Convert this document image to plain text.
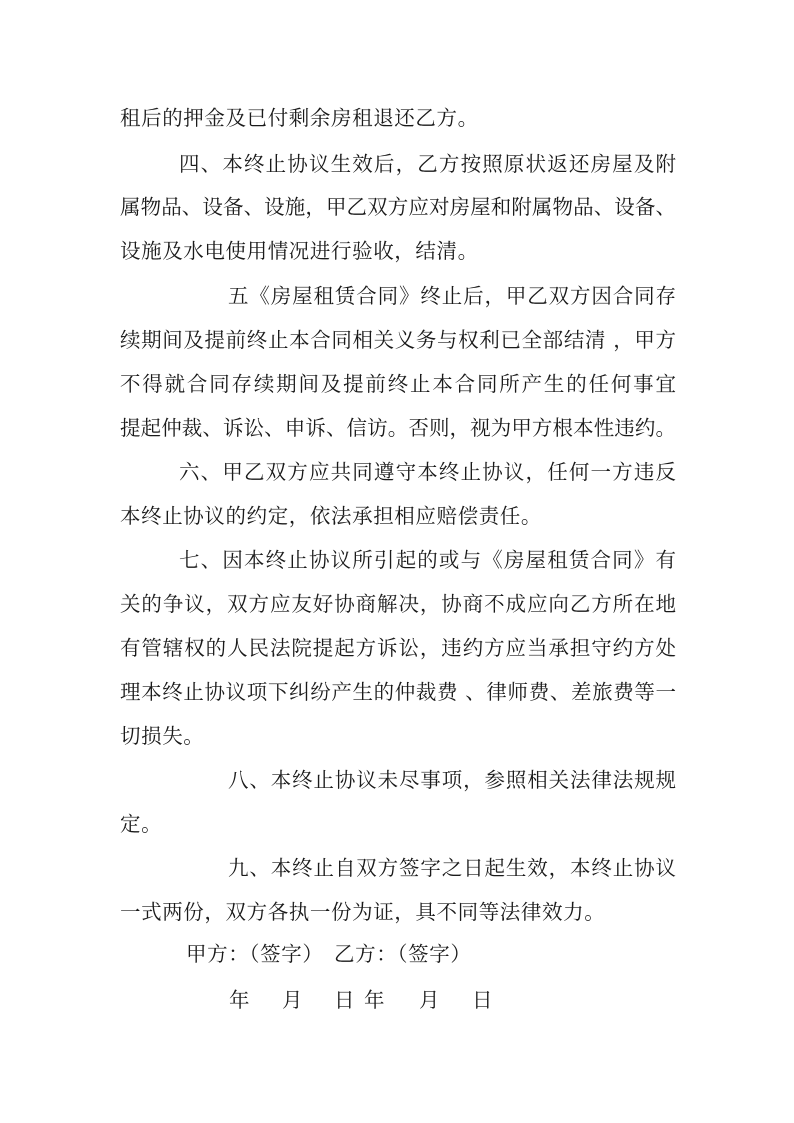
租后的押金及已付剩余房租退还乙方。
四、本终止协议生效后，乙方按照原状返还房屋及附
属物品、设备、设施，甲乙双方应对房屋和附属物品、设备、
设施及水电使用情况进行验收，结清。
五《房屋租赁合同》终止后，甲乙双方因合同存
续期间及提前终止本合同相关义务与权利已全部结清 ，甲方
不得就合同存续期间及提前终止本合同所产生的任何事宜
提起仲裁、诉讼、申诉、信访。否则，视为甲方根本性违约。
六、甲乙双方应共同遵守本终止协议，任何一方违反
本终止协议的约定，依法承担相应赔偿责任。
七、因本终止协议所引起的或与《房屋租赁合同》有
关的争议，双方应友好协商解决，协商不成应向乙方所在地
有管辖权的人民法院提起方诉讼，违约方应当承担守约方处
理本终止协议项下纠纷产生的仲裁费 、律师费、差旅费等一
切损失。
八、本终止协议未尽事项，参照相关法律法规规
定。
九、本终止自双方签字之日起生效，本终止协议
一式两份，双方各执一份为证，具不同等法律效力。
甲方：（签字） 乙方：（签字）
年 月 日 年 月 日
